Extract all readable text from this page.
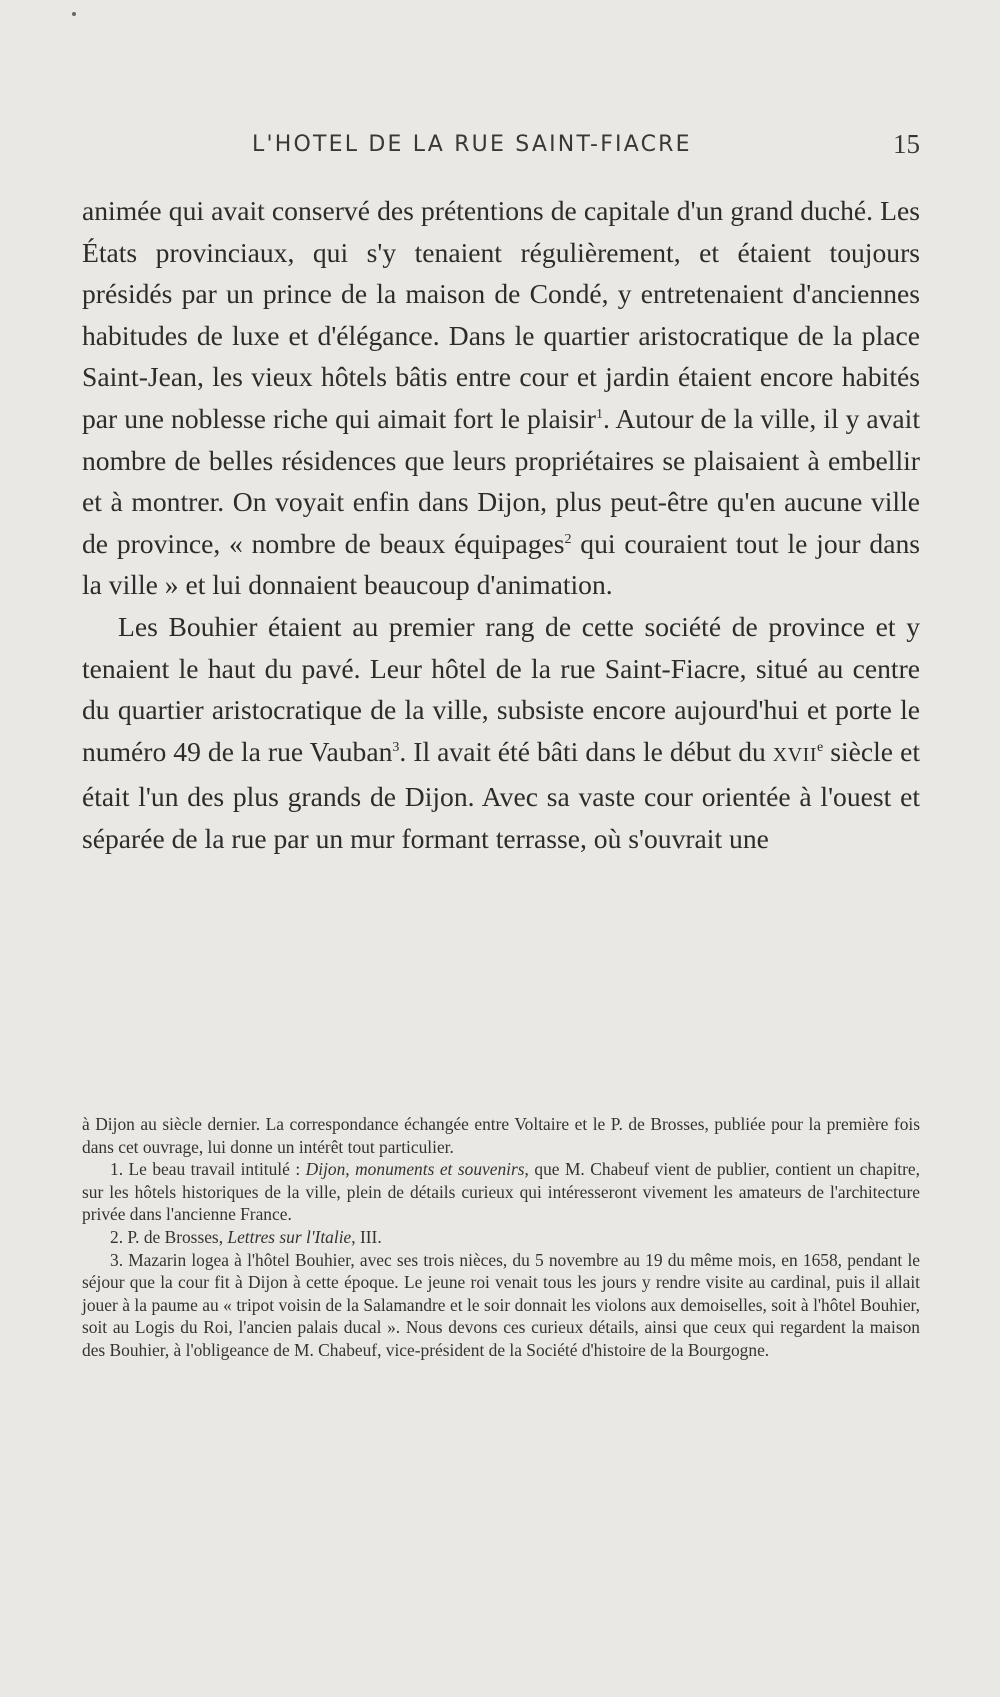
L'HOTEL DE LA RUE SAINT-FIACRE	15

animée qui avait conservé des prétentions de capitale d'un grand duché. Les États provinciaux, qui s'y tenaient régulièrement, et étaient toujours présidés par un prince de la maison de Condé, y entretenaient d'anciennes habitudes de luxe et d'élégance. Dans le quartier aristocratique de la place Saint-Jean, les vieux hôtels bâtis entre cour et jardin étaient encore habités par une noblesse riche qui aimait fort le plaisir$^1$. Autour de la ville, il y avait nombre de belles résidences que leurs propriétaires se plaisaient à embellir et à montrer. On voyait enfin dans Dijon, plus peut-être qu'en aucune ville de province, « nombre de beaux équipages$^2$ qui couraient tout le jour dans la ville » et lui donnaient beaucoup d'animation.

Les Bouhier étaient au premier rang de cette société de province et y tenaient le haut du pavé. Leur hôtel de la rue Saint-Fiacre, situé au centre du quartier aristocratique de la ville, subsiste encore aujourd'hui et porte le numéro 49 de la rue Vauban$^3$. Il avait été bâti dans le début du XVIIe siècle et était l'un des plus grands de Dijon. Avec sa vaste cour orientée à l'ouest et séparée de la rue par un mur formant terrasse, où s'ouvrait une

à Dijon au siècle dernier. La correspondance échangée entre Voltaire et le P. de Brosses, publiée pour la première fois dans cet ouvrage, lui donne un intérêt tout particulier.

1. Le beau travail intitulé : Dijon, monuments et souvenirs, que M. Chabeuf vient de publier, contient un chapitre, sur les hôtels historiques de la ville, plein de détails curieux qui intéresseront vivement les amateurs de l'architecture privée dans l'ancienne France.

2. P. de Brosses, Lettres sur l'Italie, III.

3. Mazarin logea à l'hôtel Bouhier, avec ses trois nièces, du 5 novembre au 19 du même mois, en 1658, pendant le séjour que la cour fit à Dijon à cette époque. Le jeune roi venait tous les jours y rendre visite au cardinal, puis il allait jouer à la paume au « tripot voisin de la Salamandre et le soir donnait les violons aux demoiselles, soit à l'hôtel Bouhier, soit au Logis du Roi, l'ancien palais ducal ». Nous devons ces curieux détails, ainsi que ceux qui regardent la maison des Bouhier, à l'obligeance de M. Chabeuf, vice-président de la Société d'histoire de la Bourgogne.
